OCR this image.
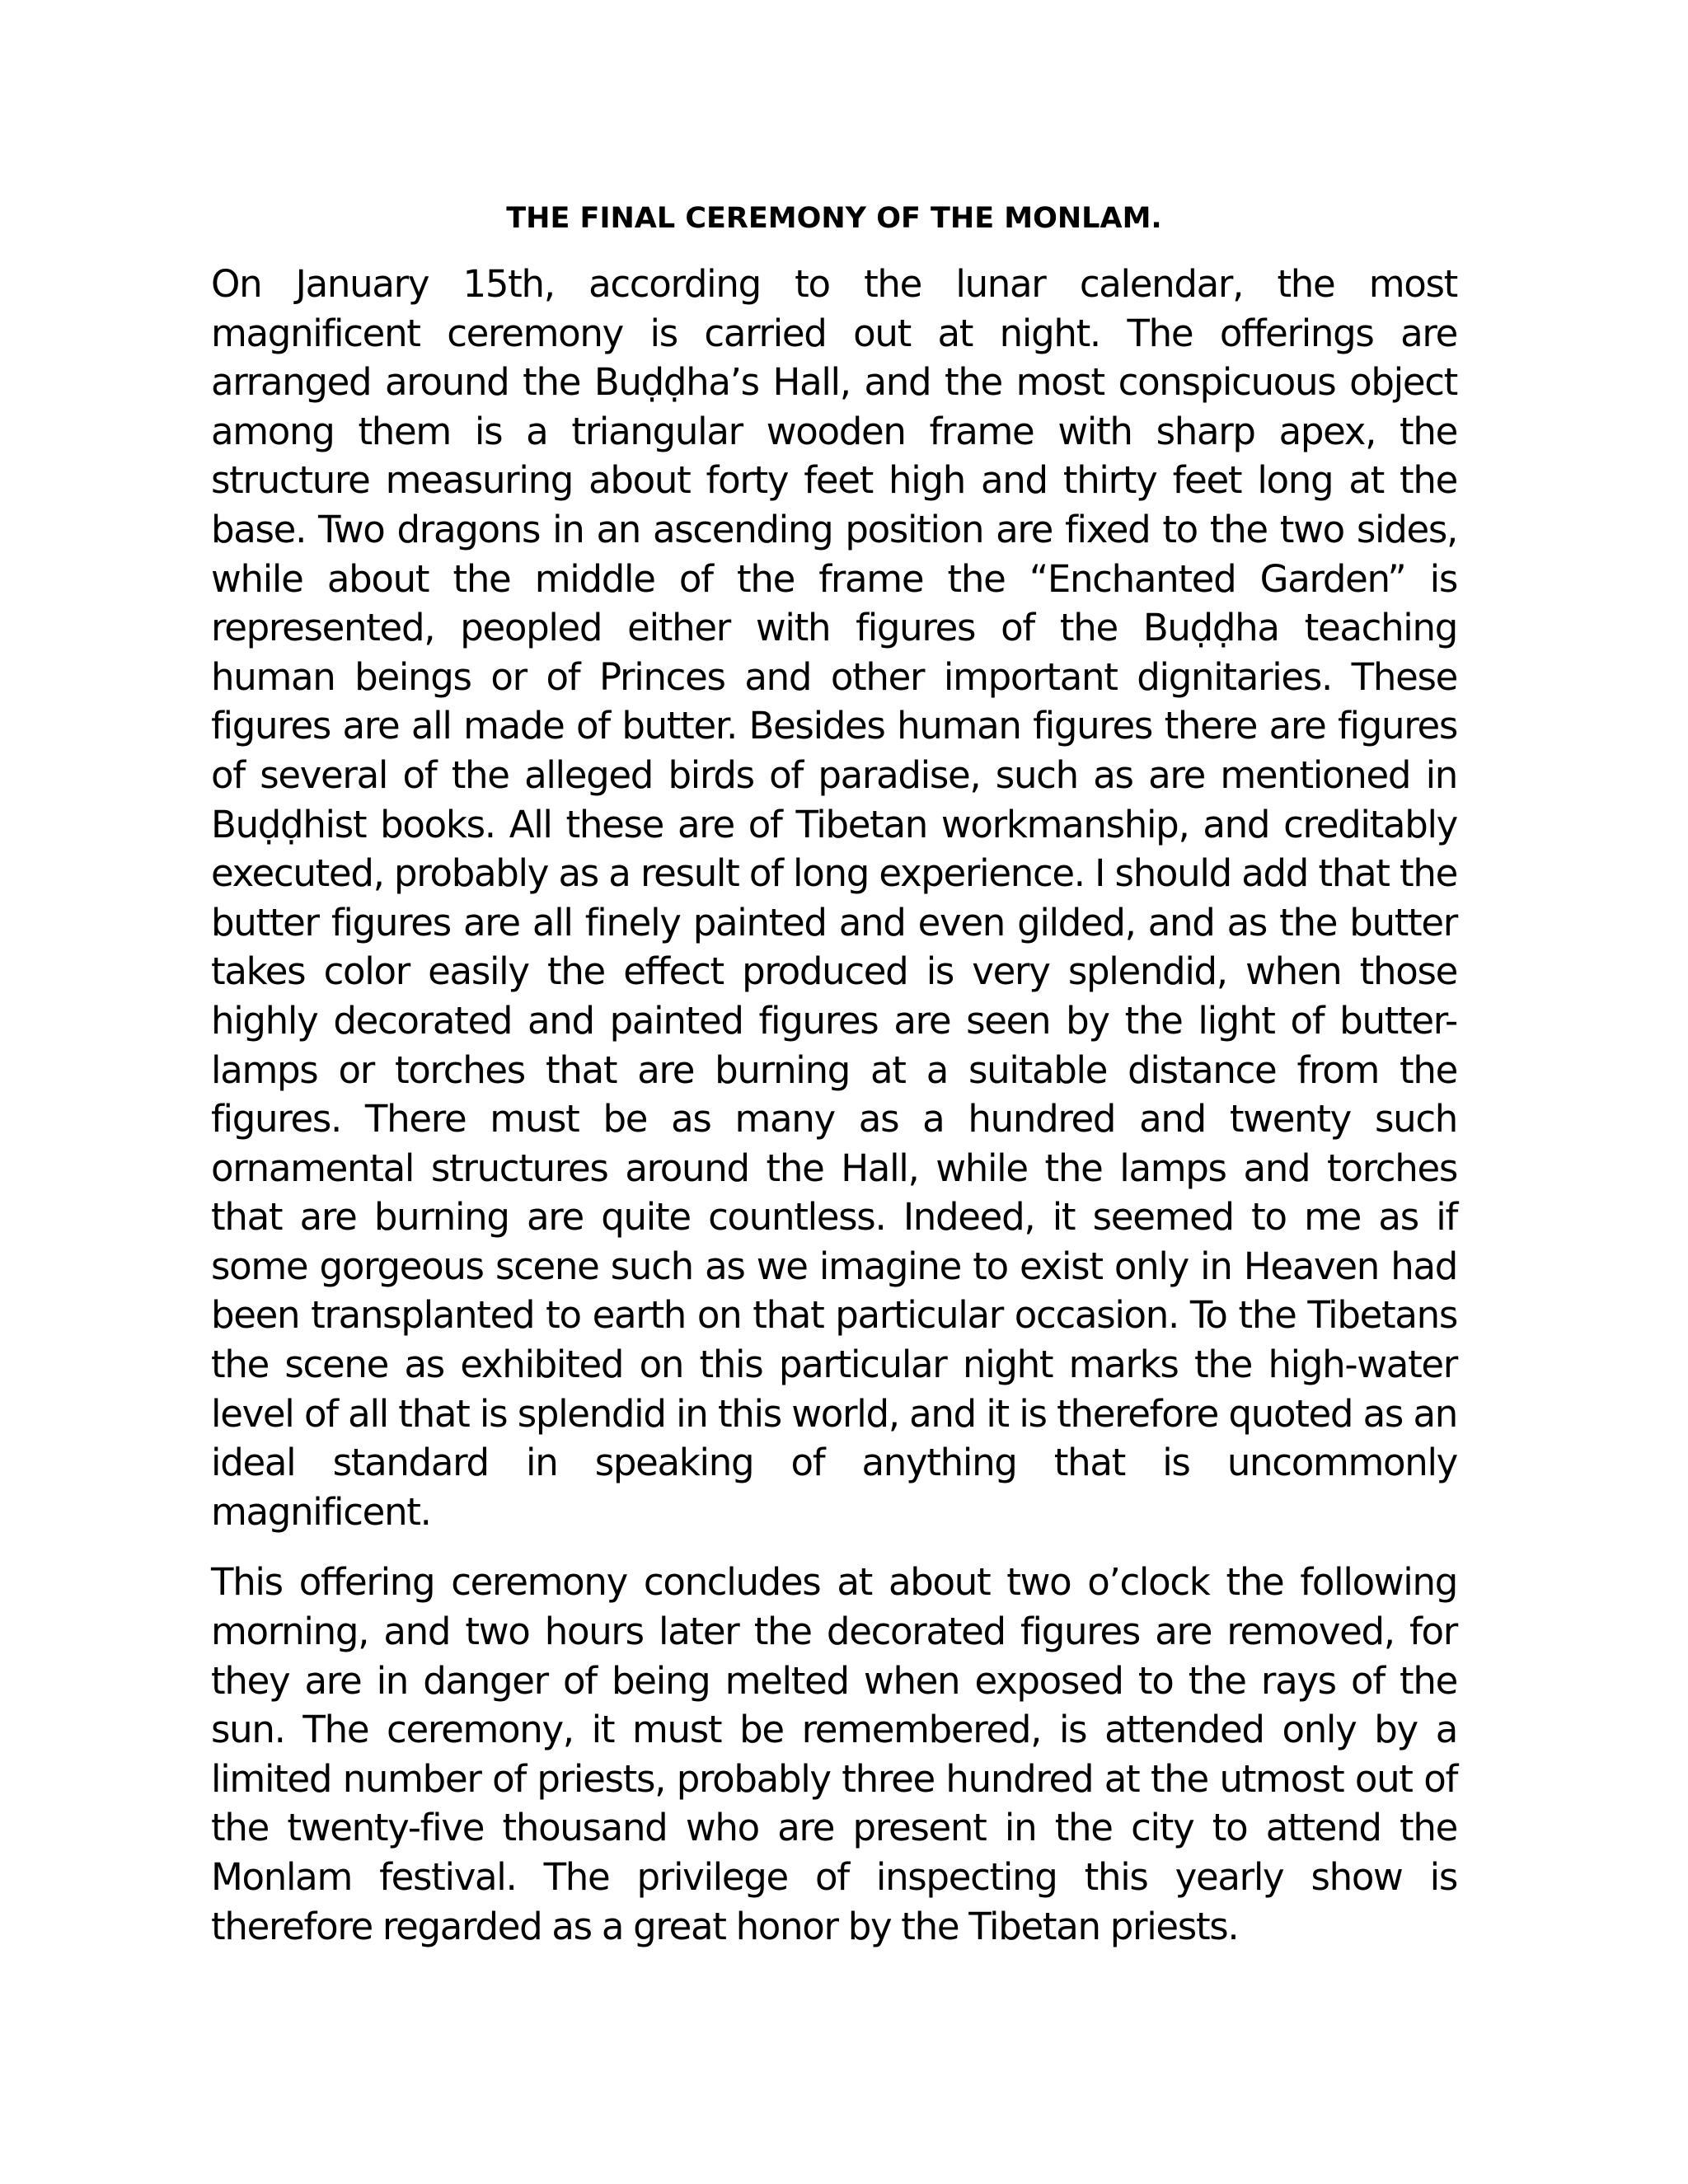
THE FINAL CEREMONY OF THE MONLAM.

On January 15th, according to the lunar calendar, the most magnificent ceremony is carried out at night. The offerings are arranged around the Buḍḍha’s Hall, and the most conspicuous object among them is a triangular wooden frame with sharp apex, the structure measuring about forty feet high and thirty feet long at the base. Two dragons in an ascending position are fixed to the two sides, while about the middle of the frame the “Enchanted Garden” is represented, peopled either with figures of the Buḍḍha teaching human beings or of Princes and other important dignitaries. These figures are all made of butter. Besides human figures there are figures of several of the alleged birds of paradise, such as are mentioned in Buḍḍhist books. All these are of Tibetan workmanship, and creditably executed, probably as a result of long experience. I should add that the butter figures are all finely painted and even gilded, and as the butter takes color easily the effect produced is very splendid, when those highly decorated and painted figures are seen by the light of butter-lamps or torches that are burning at a suitable distance from the figures. There must be as many as a hundred and twenty such ornamental structures around the Hall, while the lamps and torches that are burning are quite countless. Indeed, it seemed to me as if some gorgeous scene such as we imagine to exist only in Heaven had been transplanted to earth on that particular occasion. To the Tibetans the scene as exhibited on this particular night marks the high-water level of all that is splendid in this world, and it is therefore quoted as an ideal standard in speaking of anything that is uncommonly magnificent.

This offering ceremony concludes at about two o’clock the following morning, and two hours later the decorated figures are removed, for they are in danger of being melted when exposed to the rays of the sun. The ceremony, it must be remembered, is attended only by a limited number of priests, probably three hundred at the utmost out of the twenty-five thousand who are present in the city to attend the Monlam festival. The privilege of inspecting this yearly show is therefore regarded as a great honor by the Tibetan priests.
